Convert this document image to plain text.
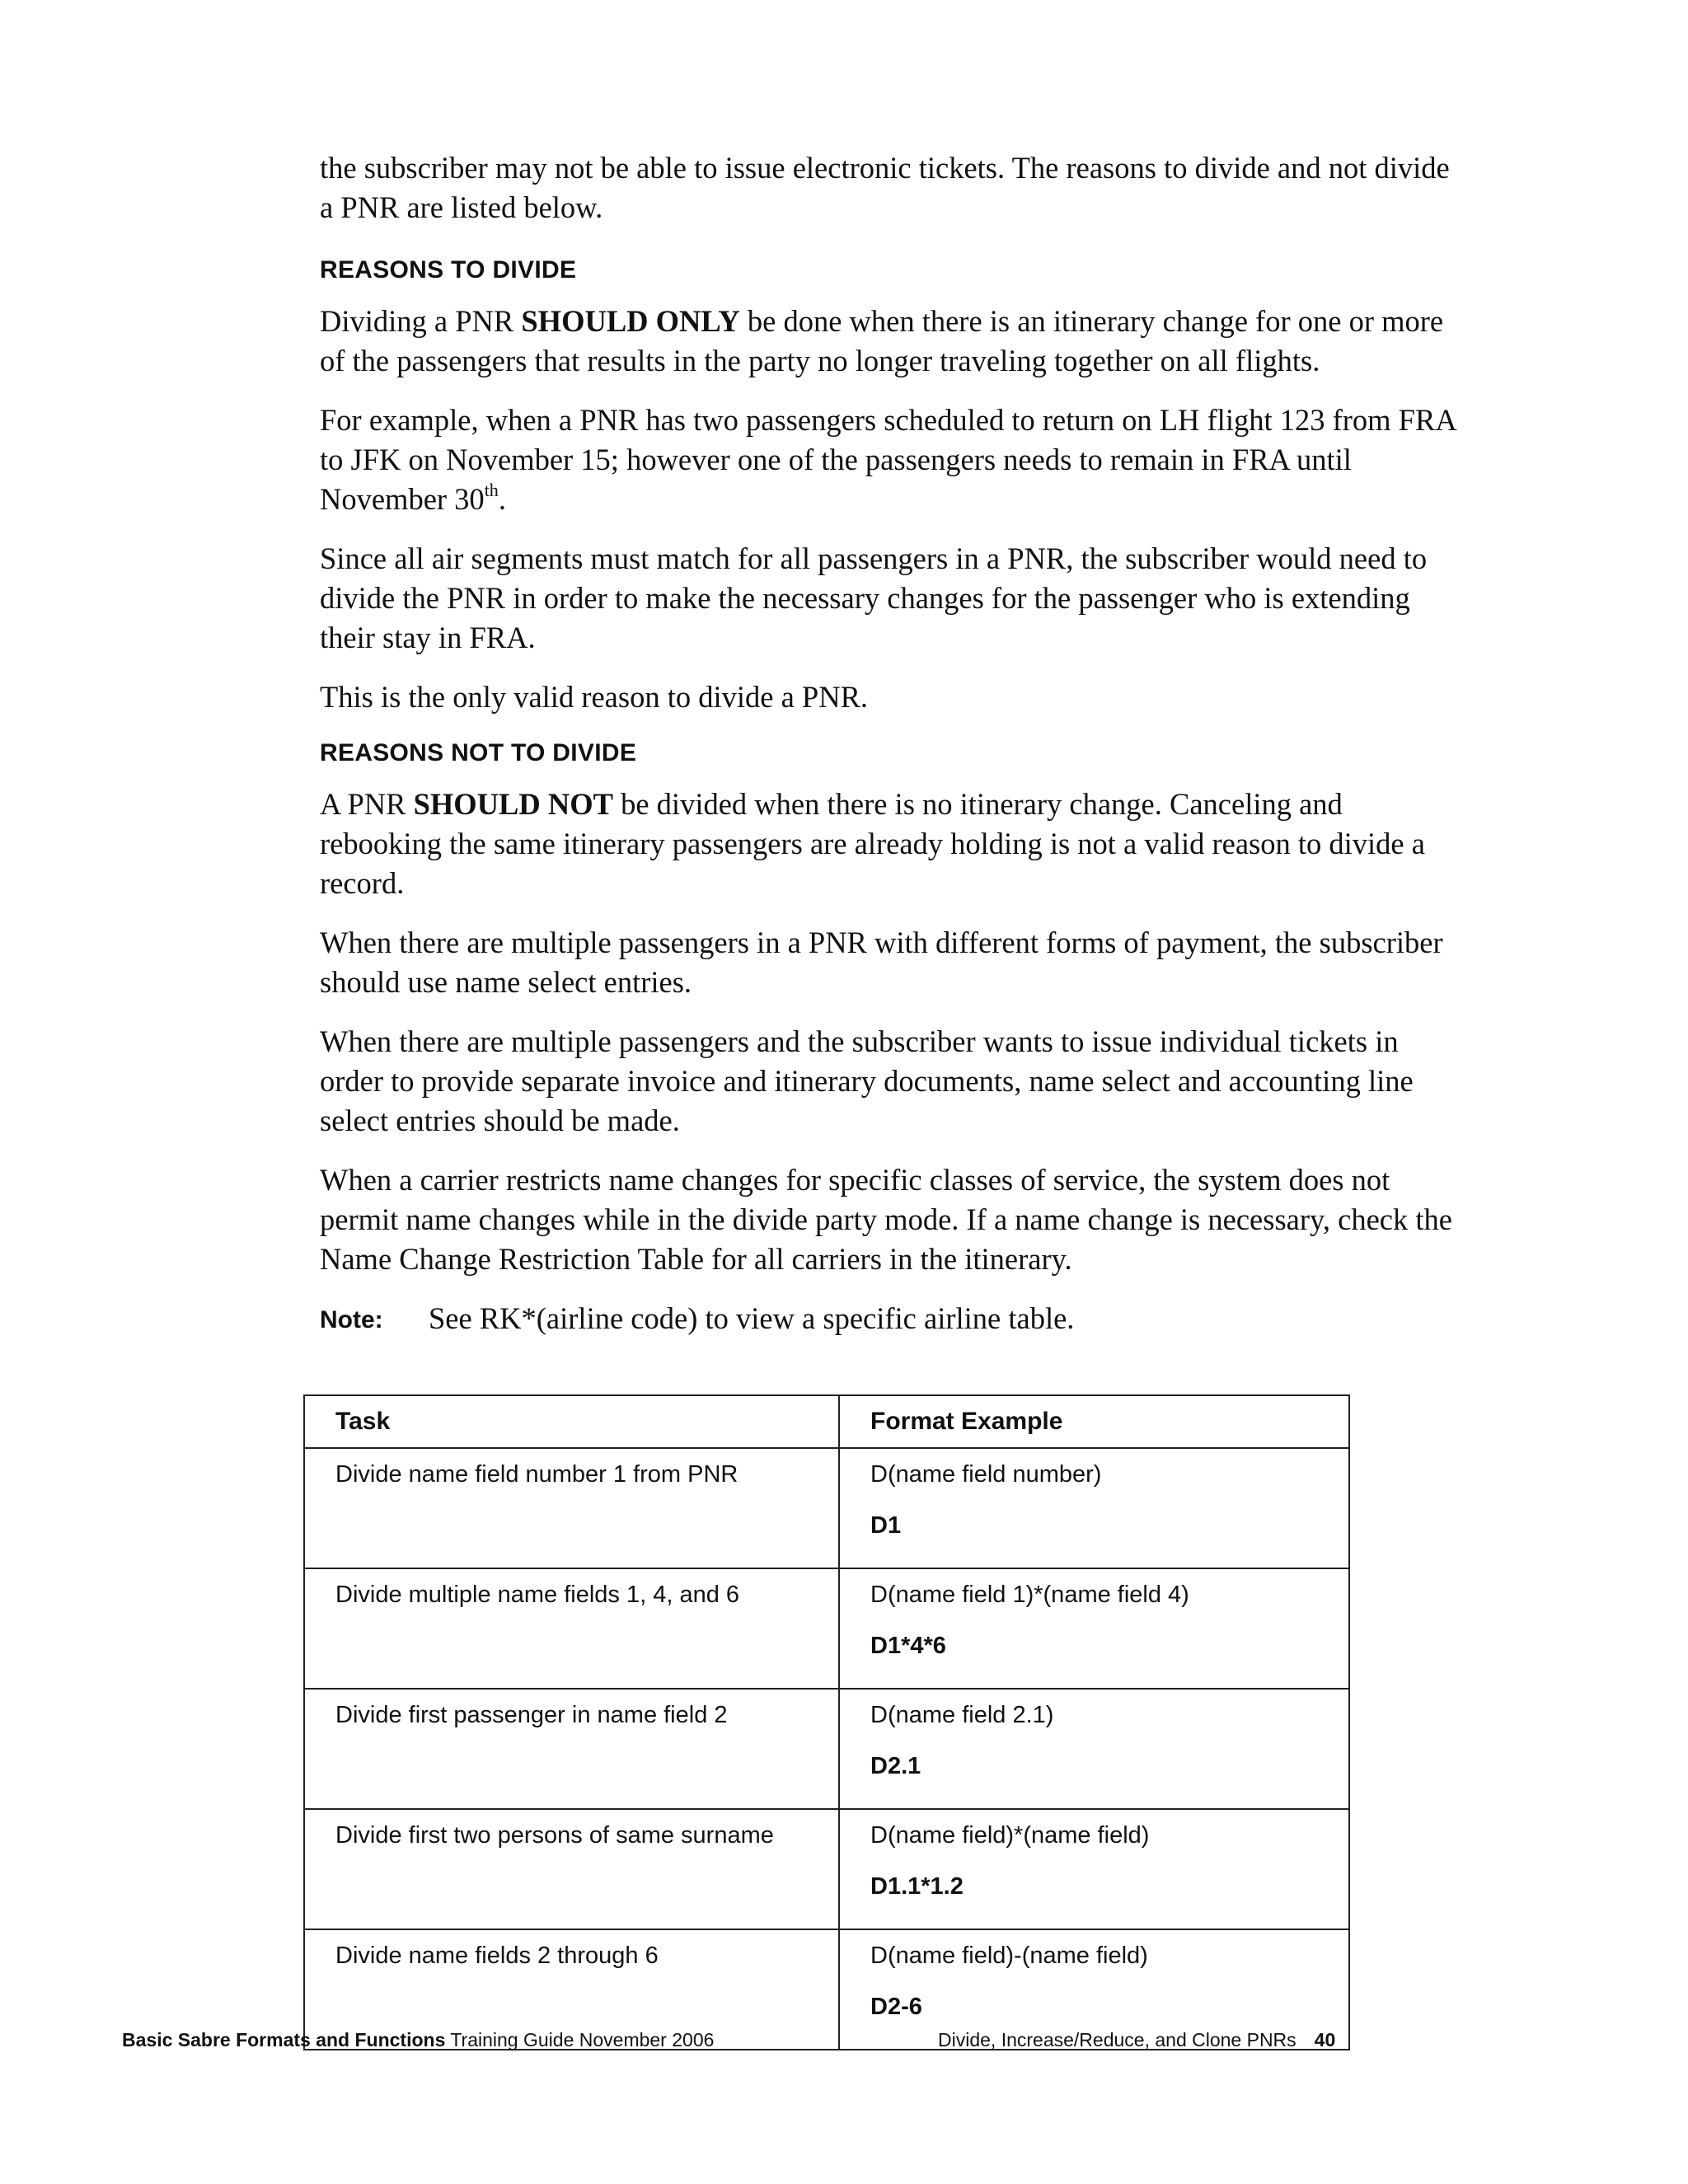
the subscriber may not be able to issue electronic tickets. The reasons to divide and not divide a PNR are listed below.

REASONS TO DIVIDE

Dividing a PNR SHOULD ONLY be done when there is an itinerary change for one or more of the passengers that results in the party no longer traveling together on all flights.

For example, when a PNR has two passengers scheduled to return on LH flight 123 from FRA to JFK on November 15; however one of the passengers needs to remain in FRA until November 30th.

Since all air segments must match for all passengers in a PNR, the subscriber would need to divide the PNR in order to make the necessary changes for the passenger who is extending their stay in FRA.

This is the only valid reason to divide a PNR.

REASONS NOT TO DIVIDE

A PNR SHOULD NOT be divided when there is no itinerary change. Canceling and rebooking the same itinerary passengers are already holding is not a valid reason to divide a record.

When there are multiple passengers in a PNR with different forms of payment, the subscriber should use name select entries.

When there are multiple passengers and the subscriber wants to issue individual tickets in order to provide separate invoice and itinerary documents, name select and accounting line select entries should be made.

When a carrier restricts name changes for specific classes of service, the system does not permit name changes while in the divide party mode. If a name change is necessary, check the Name Change Restriction Table for all carriers in the itinerary.

Note:	See RK*(airline code) to view a specific airline table.
Task	Format Example
Divide name field number 1 from PNR	D(name field number)
D1

Divide multiple name fields 1, 4, and 6	D(name field 1)*(name field 4)
D1*4*6

Divide first passenger in name field 2	D(name field 2.1)
D2.1

Divide first two persons of same surname	D(name field)*(name field)
D1.1*1.2

Divide name fields 2 through 6	D(name field)-(name field)
D2-6
Basic Sabre Formats and Functions Training Guide November 2006	Divide, Increase/Reduce, and Clone PNRs 40
